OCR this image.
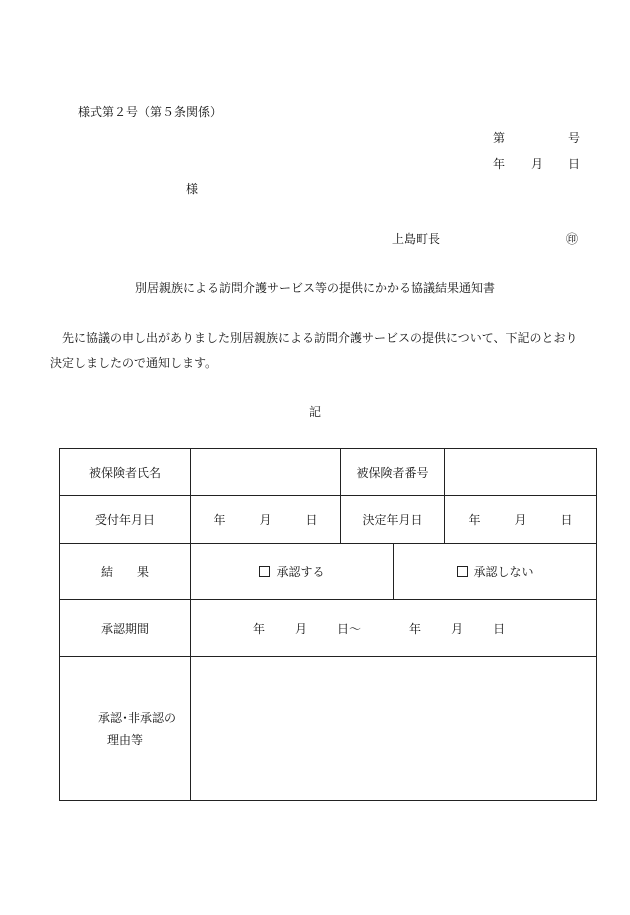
様式第２号（第５条関係）
第	号
年 月 日
様
上島町長	㊞
別居親族による訪問介護サービス等の提供にかかる協議結果通知書
　先に協議の申し出がありました別居親族による訪問介護サービスの提供について、下記のとおり決定しましたので通知します。
記
被保険者氏名		被保険者番号		
受付年月日	年 月 日	決定年月日		年 月 日
結 果	承認する		承認しない	
承認期間	年 月 日～ 年 月 日			

承認･非承認の
理由等				
